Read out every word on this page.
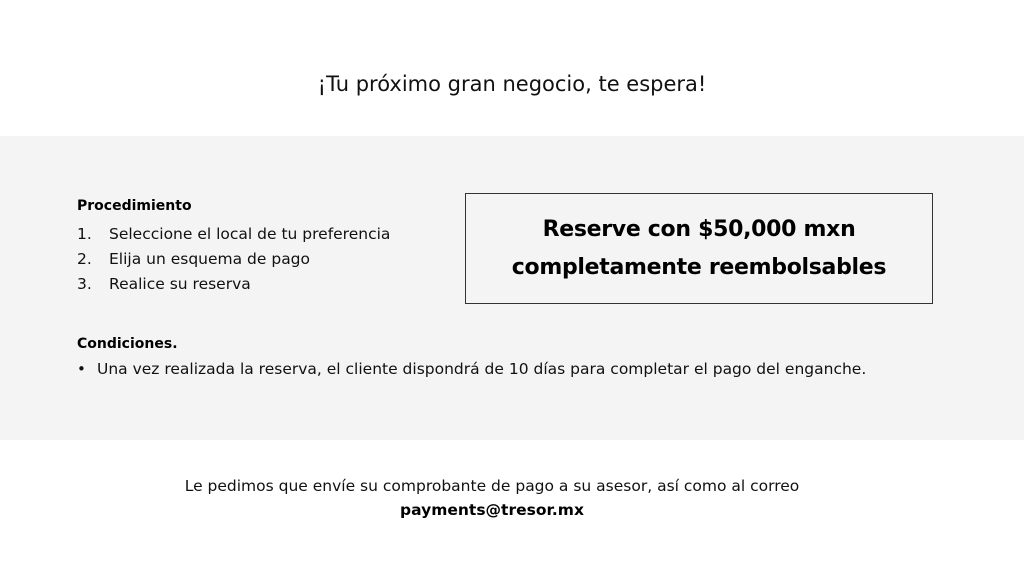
¡Tu próximo gran negocio, te espera!
Procedimiento
1.	Seleccione el local de tu preferencia
2.	Elija un esquema de pago
3.	Realice su reserva
Reserve con $50,000 mxn
completamente reembolsables
Condiciones.
• Una vez realizada la reserva, el cliente dispondrá de 10 días para completar el pago del enganche.
Le pedimos que envíe su comprobante de pago a su asesor, así como al correo
payments@tresor.mx
